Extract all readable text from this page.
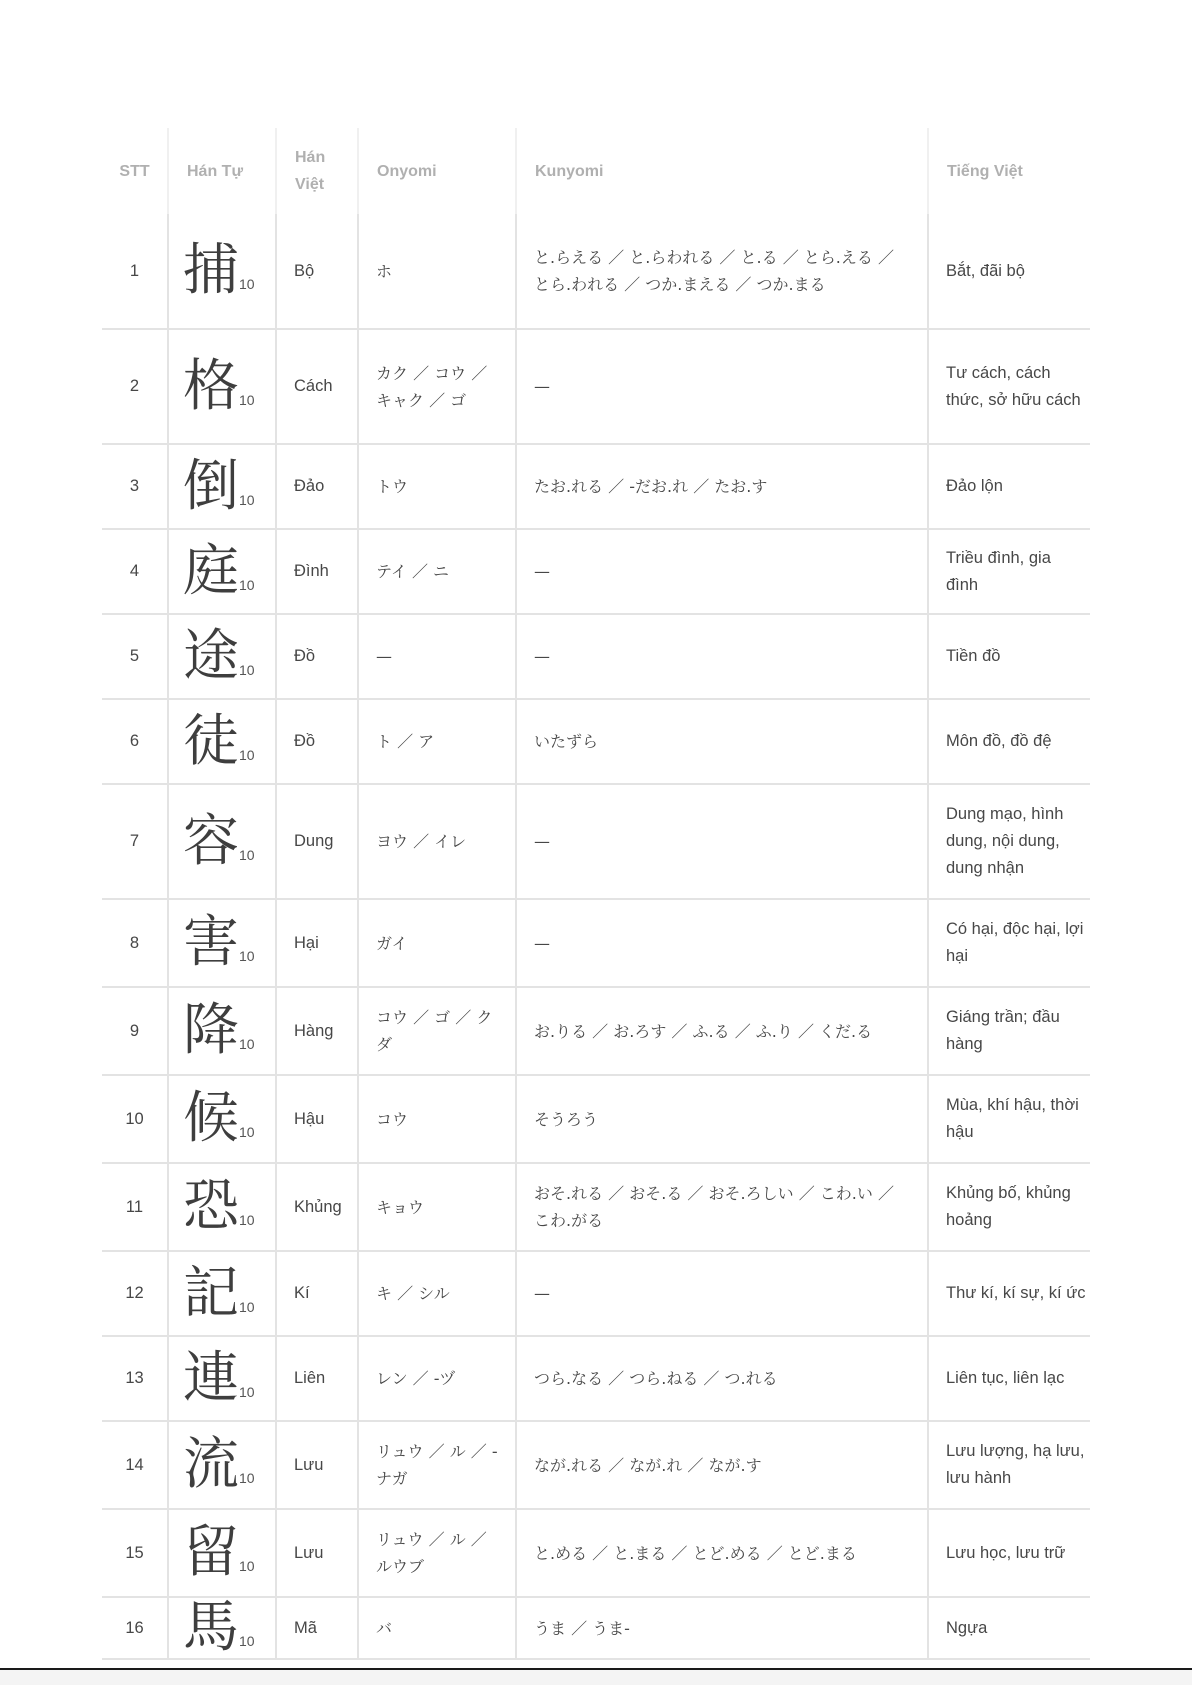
STT	Hán Tự	Hán Việt	Onyomi	Kunyomi	Tiếng Việt
1	捕10	Bộ	ホ	と.らえる ／ と.らわれる ／ と.る ／ とら.える ／ とら.われる ／ つか.まえる ／ つか.まる	Bắt, đãi bộ
2	格10	Cách	カク ／ コウ ／ キャク ／ ゴ	—	Tư cách, cách thức, sở hữu cách
3	倒10	Đảo	トウ	たお.れる ／ -だお.れ ／ たお.す	Đảo lộn
4	庭10	Đình	テイ ／ ニ	—	Triều đình, gia đình
5	途10	Đồ	—	—	Tiền đồ
6	徒10	Đồ	ト ／ ア	いたずら	Môn đồ, đồ đệ
7	容10	Dung	ヨウ ／ イレ	—	Dung mạo, hình dung, nội dung, dung nhận
8	害10	Hại	ガイ	—	Có hại, độc hại, lợi hại
9	降10	Hàng	コウ ／ ゴ ／ クダ	お.りる ／ お.ろす ／ ふ.る ／ ふ.り ／ くだ.る	Giáng trần; đầu hàng
10	候10	Hậu	コウ	そうろう	Mùa, khí hậu, thời hậu
11	恐10	Khủng	キョウ	おそ.れる ／ おそ.る ／ おそ.ろしい ／ こわ.い ／ こわ.がる	Khủng bố, khủng hoảng
12	記10	Kí	キ ／ シル	—	Thư kí, kí sự, kí ức
13	連10	Liên	レン ／ -ヅ	つら.なる ／ つら.ねる ／ つ.れる	Liên tục, liên lạc
14	流10	Lưu	リュウ ／ ル ／ -ナガ	なが.れる ／ なが.れ ／ なが.す	Lưu lượng, hạ lưu, lưu hành
15	留10	Lưu	リュウ ／ ル ／ ルウブ	と.める ／ と.まる ／ とど.める ／ とど.まる	Lưu học, lưu trữ
16	馬10	Mã	バ	うま ／ うま-	Ngựa
